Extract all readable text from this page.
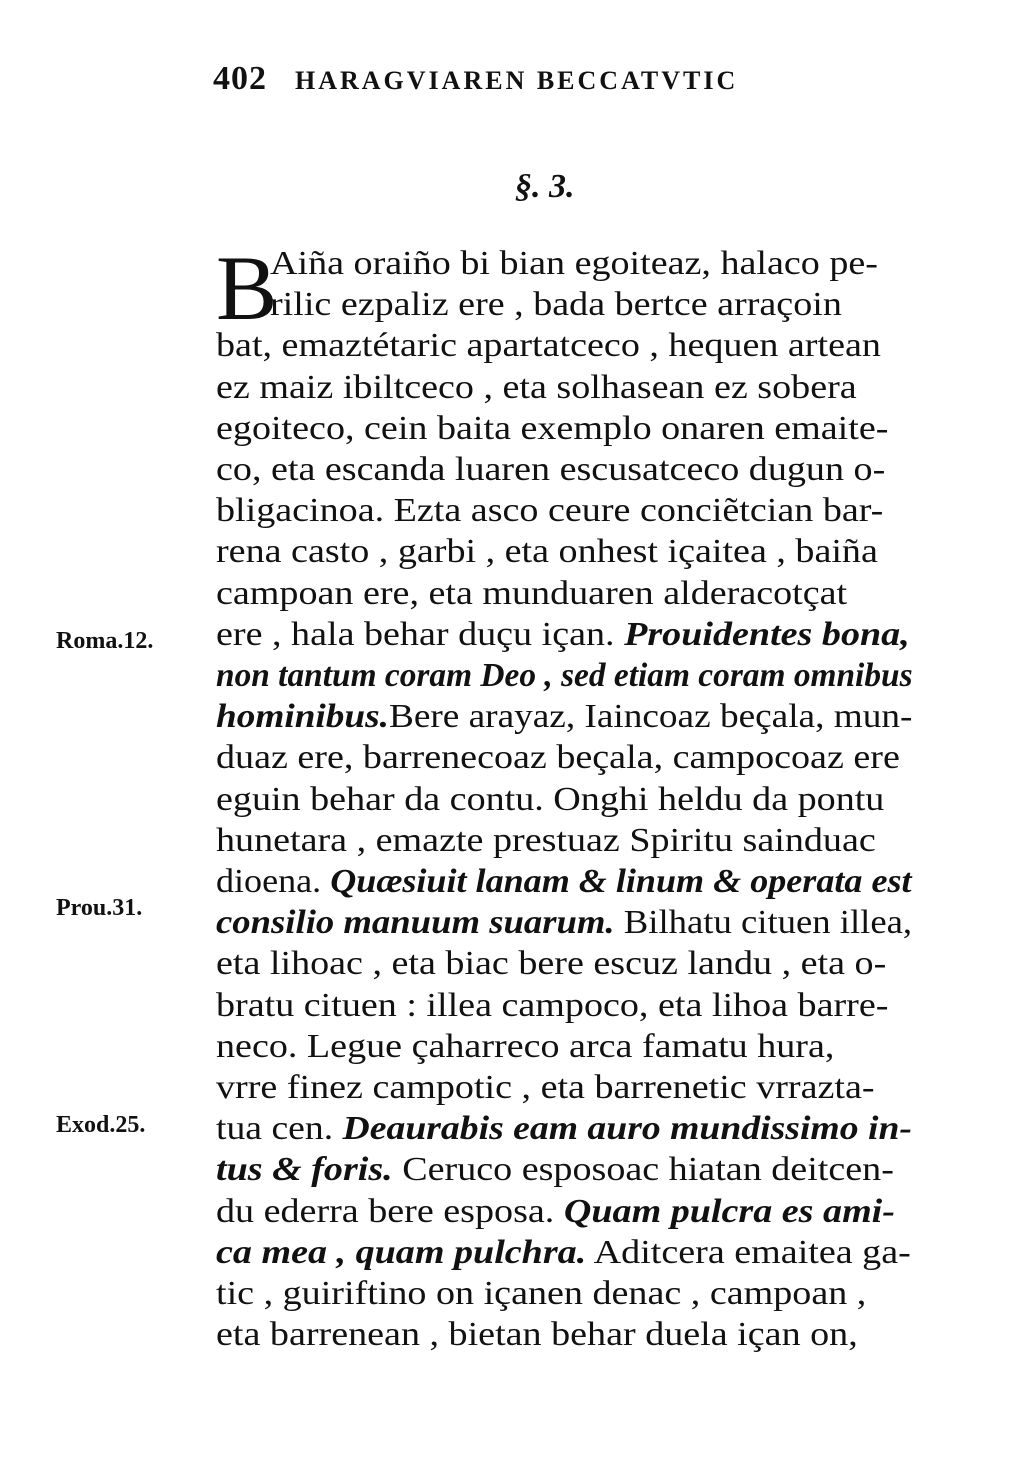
402 HARAGVIAREN BECCATVTIC
§. 3.
Roma.12.
Prou.31.
Exod.25.
B
Aiña oraiño bi bian egoiteaz, halaco pe-
rilic ezpaliz ere , bada bertce arraçoin
bat, emaztétaric apartatceco , hequen artean
ez maiz ibiltceco , eta solhasean ez sobera
egoiteco, cein baita exemplo onaren emaite-
co, eta escanda luaren escusatceco dugun o-
bligacinoa. Ezta asco ceure conciẽtcian bar-
rena casto , garbi , eta onhest içaitea , baiña
campoan ere, eta munduaren alderacotçat
ere , hala behar duçu içan. Prouidentes bona,
non tantum coram Deo , sed etiam coram omnibus
hominibus.Bere arayaz, Iaincoaz beçala, mun-
duaz ere, barrenecoaz beçala, campocoaz ere
eguin behar da contu. Onghi heldu da pontu
hunetara , emazte prestuaz Spiritu sainduac
dioena. Quæsiuit lanam & linum & operata est
consilio manuum suarum. Bilhatu cituen illea,
eta lihoac , eta biac bere escuz landu , eta o-
bratu cituen : illea campoco, eta lihoa barre-
neco. Legue çaharreco arca famatu hura,
vrre finez campotic , eta barrenetic vrrazta-
tua cen. Deaurabis eam auro mundissimo in-
tus & foris. Ceruco esposoac hiatan deitcen-
du ederra bere esposa. Quam pulcra es ami-
ca mea , quam pulchra. Aditcera emaitea ga-
tic , guiriftino on içanen denac , campoan ,
eta barrenean , bietan behar duela içan on,
